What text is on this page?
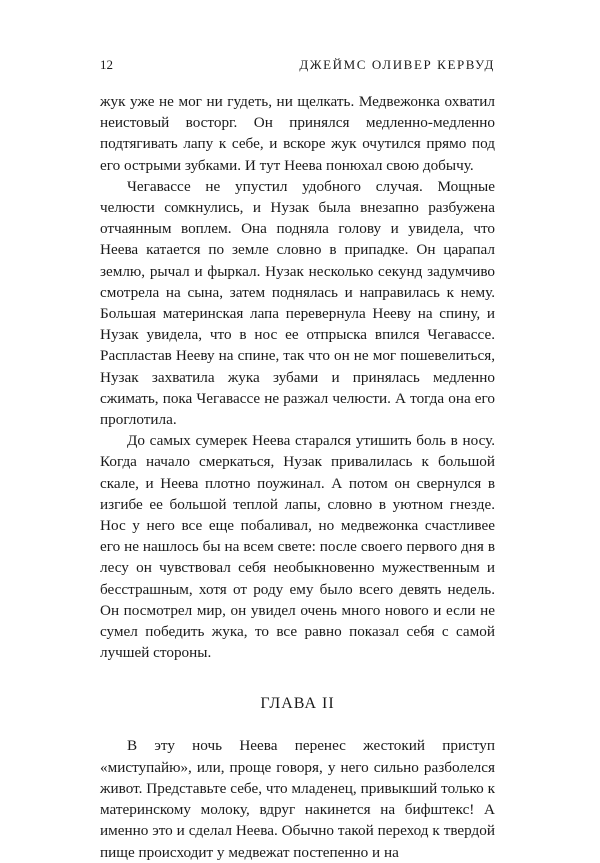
12	ДЖЕЙМС ОЛИВЕР КЕРВУД

жук уже не мог ни гудеть, ни щелкать. Медвежонка охватил неистовый восторг. Он принялся медленно-медленно подтягивать лапу к себе, и вскоре жук очутился прямо под его острыми зубками. И тут Неева понюхал свою добычу.

Чегавассе не упустил удобного случая. Мощные челюсти сомкнулись, и Нузак была внезапно разбужена отчаянным воплем. Она подняла голову и увидела, что Неева катается по земле словно в припадке. Он царапал землю, рычал и фыркал. Нузак несколько секунд задумчиво смотрела на сына, затем поднялась и направилась к нему. Большая материнская лапа перевернула Нееву на спину, и Нузак увидела, что в нос ее отпрыска впился Чегавассе. Распластав Нееву на спине, так что он не мог пошевелиться, Нузак захватила жука зубами и принялась медленно сжимать, пока Чегавассе не разжал челюсти. А тогда она его проглотила.

До самых сумерек Неева старался утишить боль в носу. Когда начало смеркаться, Нузак привалилась к большой скале, и Неева плотно поужинал. А потом он свернулся в изгибе ее большой теплой лапы, словно в уютном гнезде. Нос у него все еще побаливал, но медвежонка счастливее его не нашлось бы на всем свете: после своего первого дня в лесу он чувствовал себя необыкновенно мужественным и бесстрашным, хотя от роду ему было всего девять недель. Он посмотрел мир, он увидел очень много нового и если не сумел победить жука, то все равно показал себя с самой лучшей стороны.

ГЛАВА II

В эту ночь Неева перенес жестокий приступ «миступайю», или, проще говоря, у него сильно разболелся живот. Представьте себе, что младенец, привыкший только к материнскому молоку, вдруг накинется на бифштекс! А именно это и сделал Неева. Обычно такой переход к твердой пище происходит у медвежат постепенно и на
